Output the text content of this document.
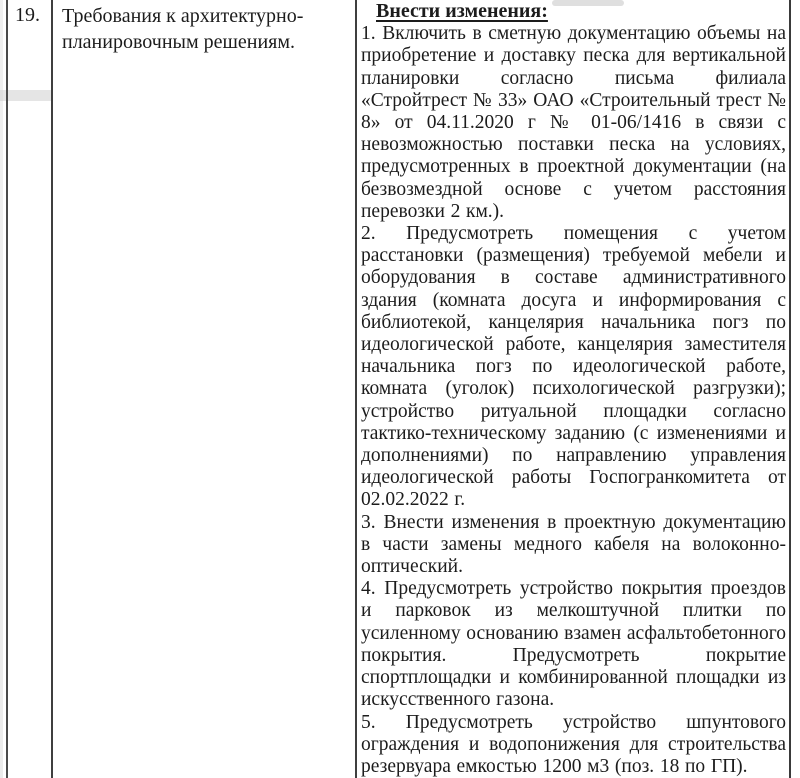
19.	Требования к архитектурно-планировочным решениям.
Внести изменения:

1. Включить в сметную документацию объемы на приобретение и доставку песка для вертикальной планировки согласно письма филиала «Стройтрест № 33» ОАО «Строительный трест № 8» от 04.11.2020 г № 01-06/1416 в связи с невозможностью поставки песка на условиях, предусмотренных в проектной документации (на безвозмездной основе с учетом расстояния перевозки 2 км.).

2. Предусмотреть помещения с учетом расстановки (размещения) требуемой мебели и оборудования в составе административного здания (комната досуга и информирования с библиотекой, канцелярия начальника погз по идеологической работе, канцелярия заместителя начальника погз по идеологической работе, комната (уголок) психологической разгрузки); устройство ритуальной площадки согласно тактико-техническому заданию (с изменениями и дополнениями) по направлению управления идеологической работы Госпогранкомитета от 02.02.2022 г.

3. Внести изменения в проектную документацию в части замены медного кабеля на волоконно-оптический.

4. Предусмотреть устройство покрытия проездов и парковок из мелкоштучной плитки по усиленному основанию взамен асфальтобетонного покрытия. Предусмотреть покрытие спортплощадки и комбинированной площадки из искусственного газона.

5. Предусмотреть устройство шпунтового ограждения и водопонижения для строительства резервуара емкостью 1200 м3 (поз. 18 по ГП).
